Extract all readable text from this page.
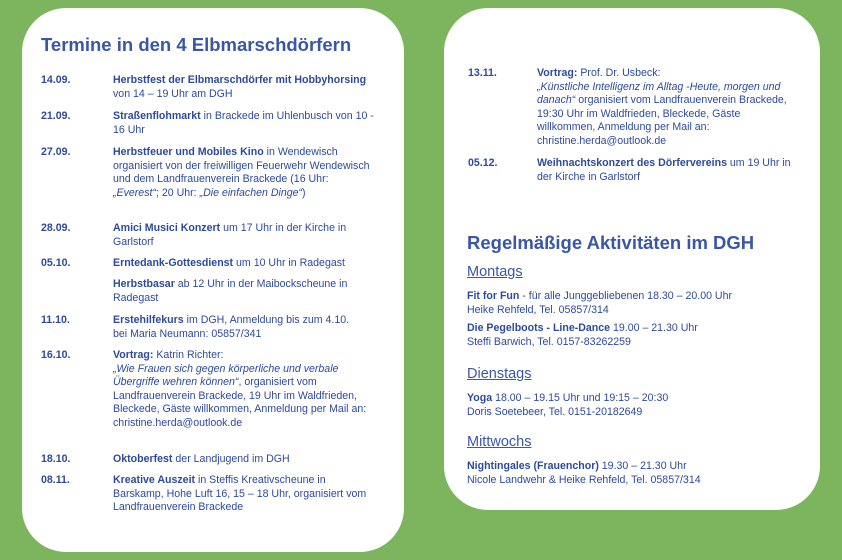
Termine in den 4 Elbmarschdörfern
14.09.	Herbstfest der Elbmarschdörfer mit Hobbyhorsing von 14 – 19 Uhr am DGH
21.09.	Straßenflohmarkt in Brackede im Uhlenbusch von 10 - 16 Uhr
27.09.	Herbstfeuer und Mobiles Kino in Wendewisch organisiert von der freiwilligen Feuerwehr Wendewisch und dem Landfrauenverein Brackede (16 Uhr: „Everest“; 20 Uhr: „Die einfachen Dinge“)
28.09.	Amici Musici Konzert um 17 Uhr in der Kirche in Garlstorf
05.10.	Erntedank-Gottesdienst um 10 Uhr in Radegast
Herbstbasar ab 12 Uhr in der Maibockscheune in Radegast
11.10.	Erstehilfekurs im DGH, Anmeldung bis zum 4.10. bei Maria Neumann: 05857/341
16.10.	Vortrag: Katrin Richter:
„Wie Frauen sich gegen körperliche und verbale Übergriffe wehren können“, organisiert vom Landfrauenverein Brackede, 19 Uhr im Waldfrieden, Bleckede, Gäste willkommen, Anmeldung per Mail an: christine.herda@outlook.de
18.10.	Oktoberfest der Landjugend im DGH
08.11.	Kreative Auszeit in Steffis Kreativscheune in Barskamp, Hohe Luft 16, 15 – 18 Uhr, organisiert vom Landfrauenverein Brackede
13.11.	Vortrag: Prof. Dr. Usbeck:
„Künstliche Intelligenz im Alltag -Heute, morgen und danach“ organisiert vom Landfrauenverein Brackede, 19:30 Uhr im Waldfrieden, Bleckede, Gäste willkommen, Anmeldung per Mail an: christine.herda@outlook.de
05.12.	Weihnachtskonzert des Dörfervereins um 19 Uhr in der Kirche in Garlstorf
Regelmäßige Aktivitäten im DGH
Montags
Fit for Fun - für alle Junggebliebenen 18.30 – 20.00 Uhr
Heike Rehfeld, Tel. 05857/314
Die Pegelboots - Line-Dance 19.00 – 21.30 Uhr
Steffi Barwich, Tel. 0157-83262259
Dienstags
Yoga 18.00 – 19.15 Uhr und 19:15 – 20:30
Doris Soetebeer, Tel. 0151-20182649
Mittwochs
Nightingales (Frauenchor) 19.30 – 21.30 Uhr
Nicole Landwehr & Heike Rehfeld, Tel. 05857/314
